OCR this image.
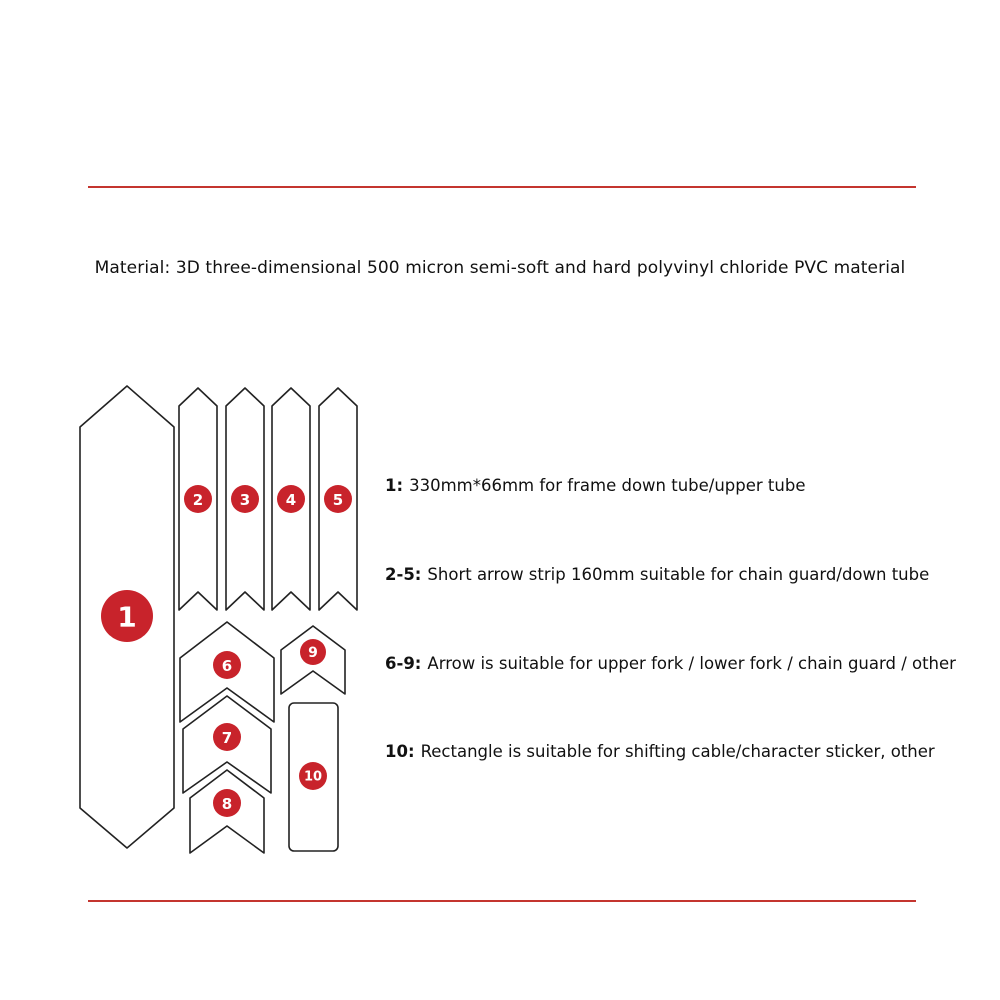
Material: 3D three-dimensional 500 micron semi-soft and hard polyvinyl chloride PVC material
1
2 3 4 5
6
7
8
9
10
1: 330mm*66mm for frame down tube/upper tube
2-5: Short arrow strip 160mm suitable for chain guard/down tube
6-9: Arrow is suitable for upper fork / lower fork / chain guard / other
10: Rectangle is suitable for shifting cable/character sticker, other
